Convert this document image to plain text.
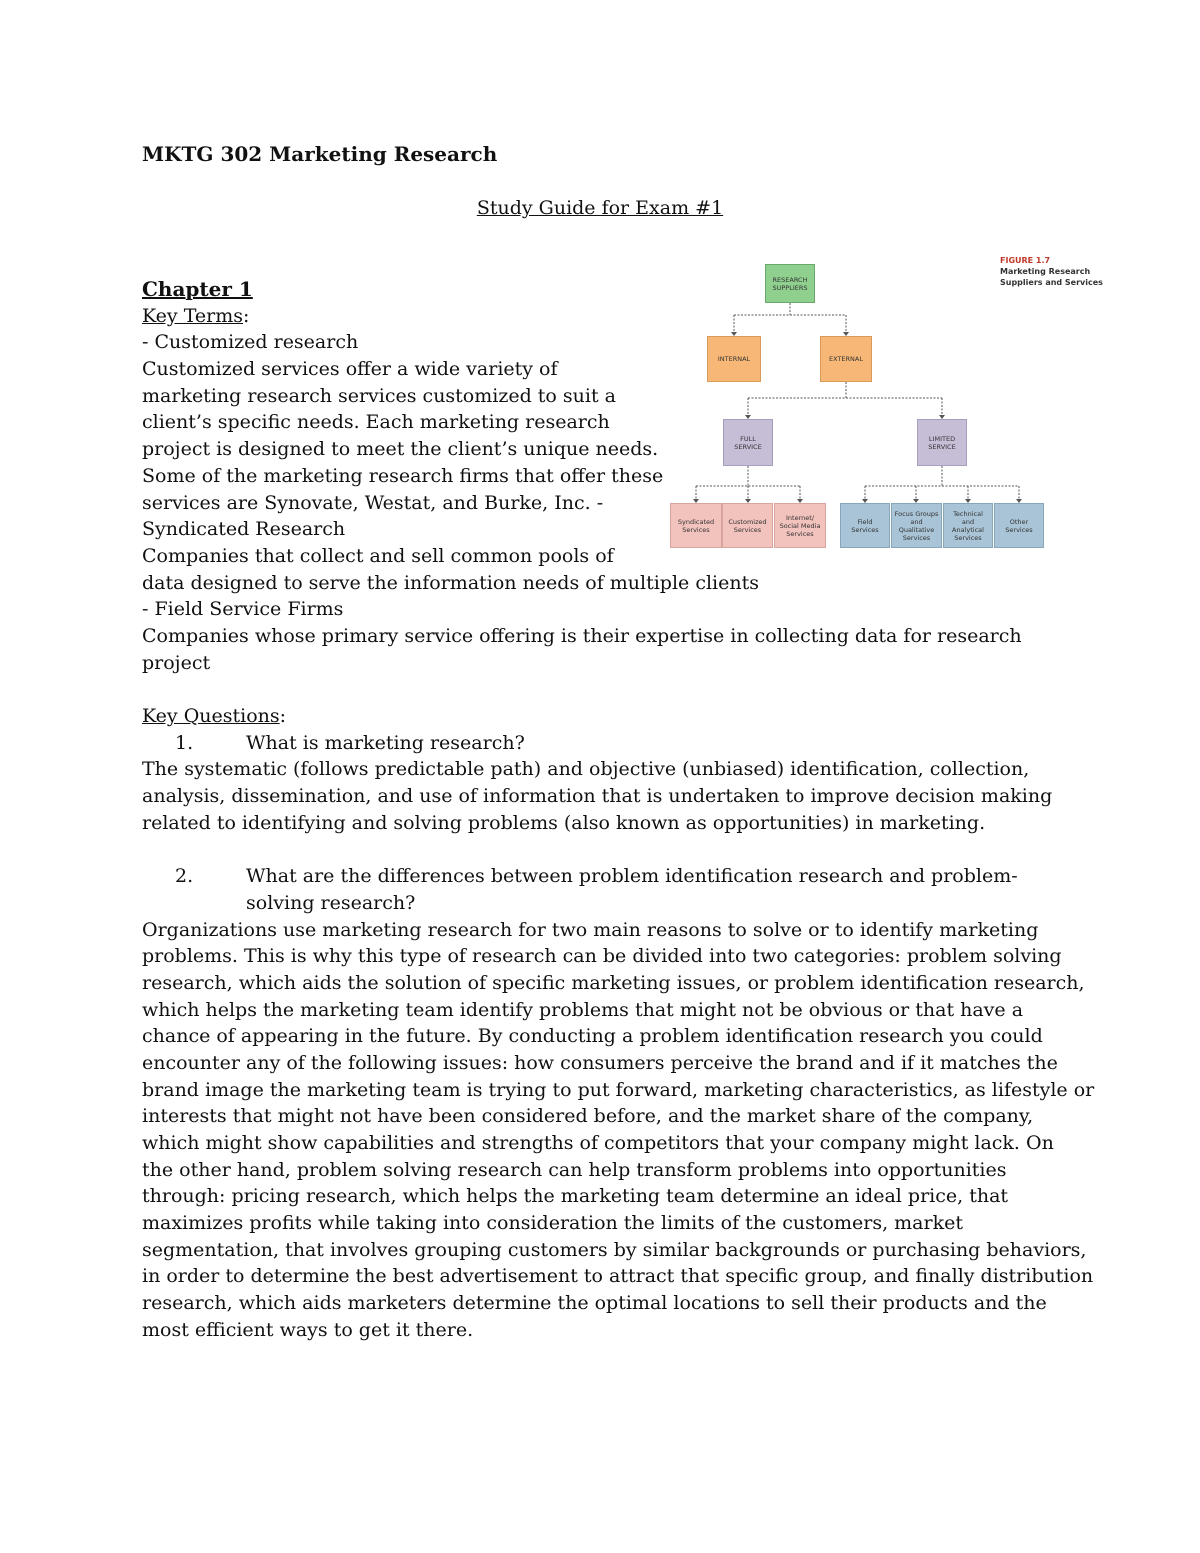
MKTG 302 Marketing Research
Study Guide for Exam #1
Chapter 1
Key Terms:
- Customized research
Customized services offer a wide variety of
marketing research services customized to suit a
client’s specific needs. Each marketing research
project is designed to meet the client’s unique needs.
Some of the marketing research firms that offer these
services are Synovate, Westat, and Burke, Inc. -
Syndicated Research
Companies that collect and sell common pools of
data designed to serve the information needs of multiple clients
- Field Service Firms
Companies whose primary service offering is their expertise in collecting data for research
project
Key Questions:
1.	What is marketing research?
The systematic (follows predictable path) and objective (unbiased) identification, collection,
analysis, dissemination, and use of information that is undertaken to improve decision making
related to identifying and solving problems (also known as opportunities) in marketing.
2.	What are the differences between problem identification research and problem-
solving research?
Organizations use marketing research for two main reasons to solve or to identify marketing
problems. This is why this type of research can be divided into two categories: problem solving
research, which aids the solution of specific marketing issues, or problem identification research,
which helps the marketing team identify problems that might not be obvious or that have a
chance of appearing in the future. By conducting a problem identification research you could
encounter any of the following issues: how consumers perceive the brand and if it matches the
brand image the marketing team is trying to put forward, marketing characteristics, as lifestyle or
interests that might not have been considered before, and the market share of the company,
which might show capabilities and strengths of competitors that your company might lack. On
the other hand, problem solving research can help transform problems into opportunities
through: pricing research, which helps the marketing team determine an ideal price, that
maximizes profits while taking into consideration the limits of the customers, market
segmentation, that involves grouping customers by similar backgrounds or purchasing behaviors,
in order to determine the best advertisement to attract that specific group, and finally distribution
research, which aids marketers determine the optimal locations to sell their products and the
most efficient ways to get it there.
RESEARCH SUPPLIERS
INTERNAL	EXTERNAL
FULL SERVICE
LIMITED SERVICE
Syndicated Services
Customized Services
Internet/ Social Media Services
Field Services
Focus Groups and Qualitative Services
Technical and Analytical Services
Other Services
FIGURE 1.7
Marketing Research
Suppliers and Services
